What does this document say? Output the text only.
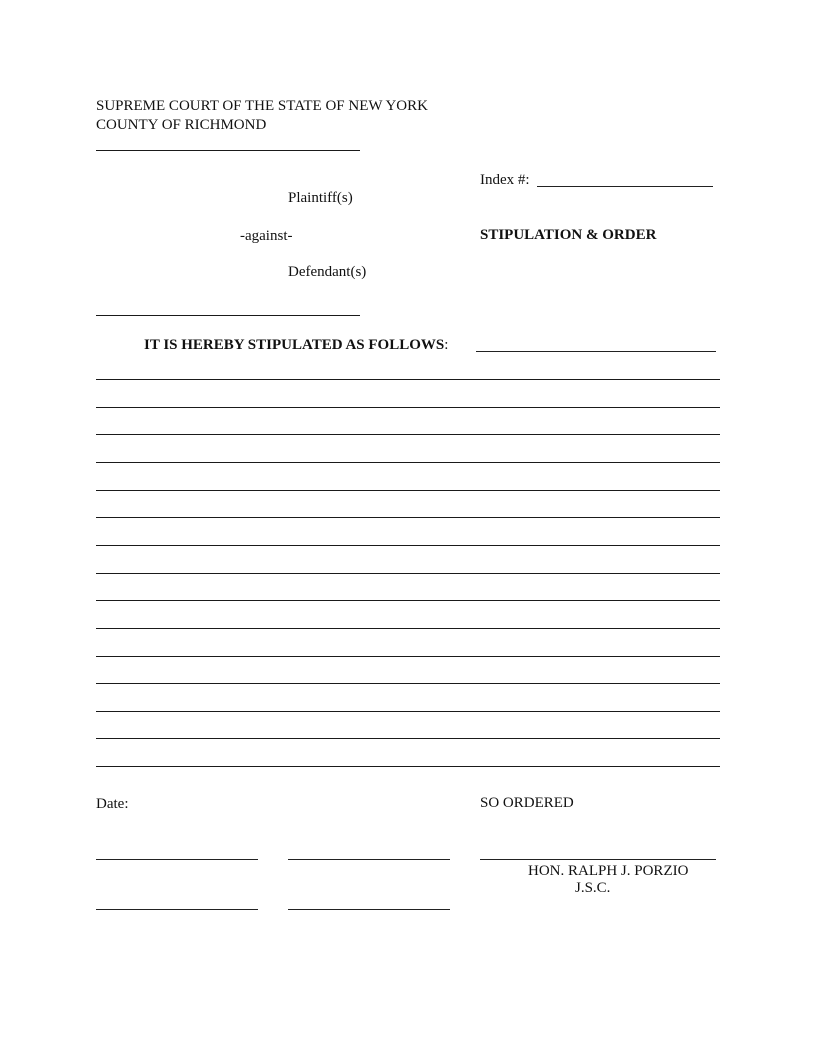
SUPREME COURT OF THE STATE OF NEW YORK
COUNTY OF RICHMOND
Plaintiff(s)
-against-
Defendant(s)
Index #:
STIPULATION & ORDER
IT IS HEREBY STIPULATED AS FOLLOWS:
Date:	SO ORDERED
HON. RALPH J. PORZIO
J.S.C.
